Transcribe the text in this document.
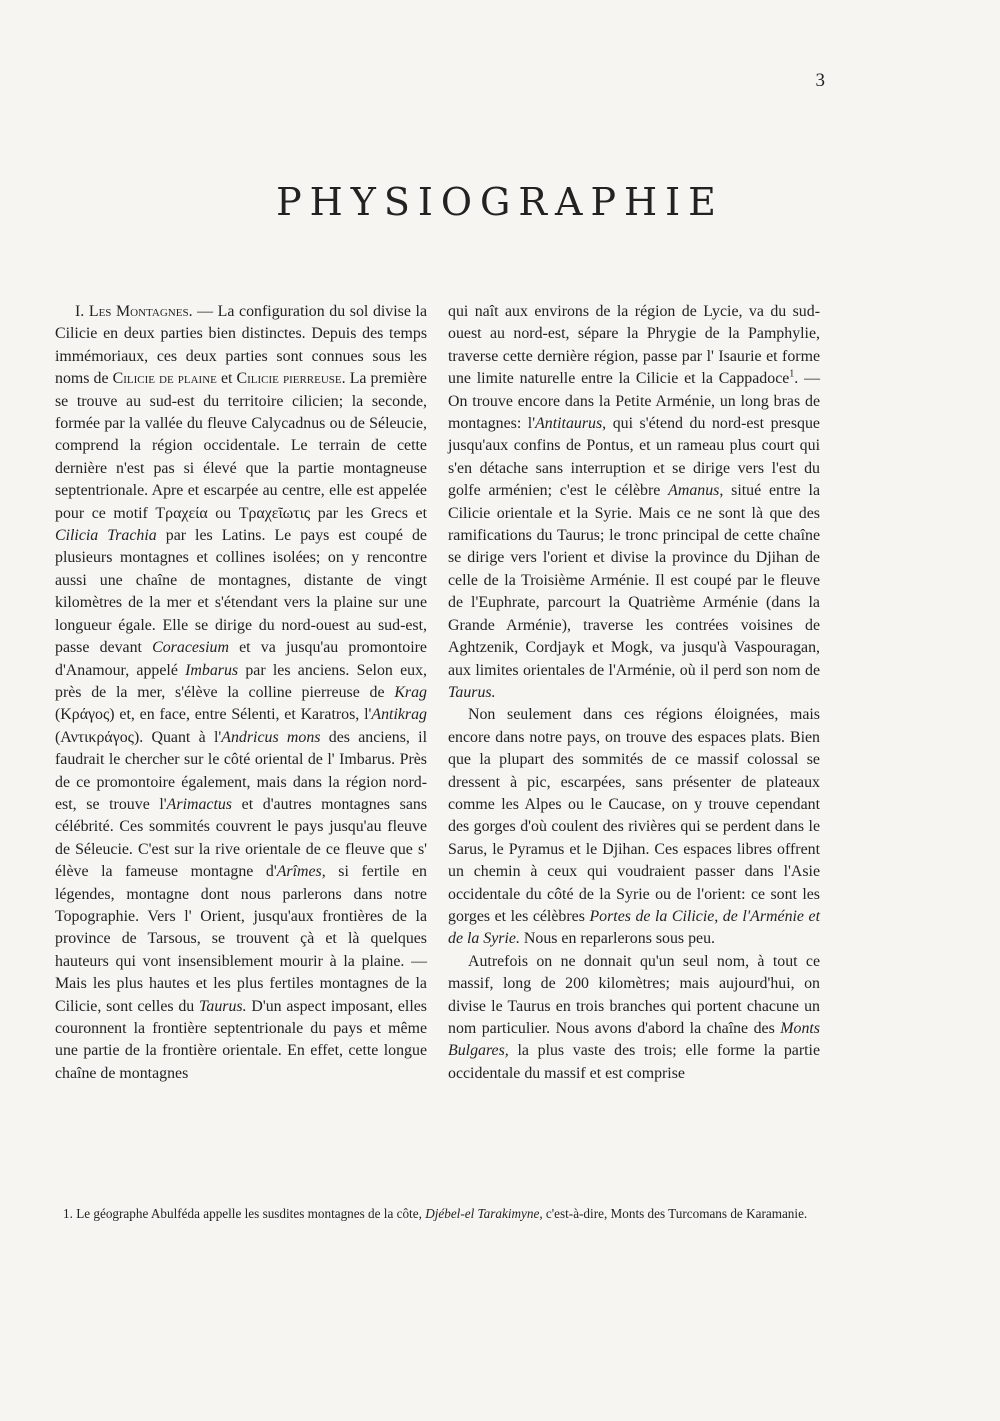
3
PHYSIOGRAPHIE

I. Les Montagnes. — La configuration du sol divise la Cilicie en deux parties bien distinctes. Depuis des temps immémoriaux, ces deux parties sont connues sous les noms de Cilicie de plaine et Cilicie pierreuse. La première se trouve au sud-est du territoire cilicien; la seconde, formée par la vallée du fleuve Calycadnus ou de Séleucie, comprend la région occidentale. Le terrain de cette dernière n'est pas si élevé que la partie montagneuse septentrionale. Apre et escarpée au centre, elle est appelée pour ce motif Τραχεία ou Τραχεῖωτις par les Grecs et Cilicia Trachia par les Latins. Le pays est coupé de plusieurs montagnes et collines isolées; on y rencontre aussi une chaîne de montagnes, distante de vingt kilomètres de la mer et s'étendant vers la plaine sur une longueur égale. Elle se dirige du nord-ouest au sud-est, passe devant Coracesium et va jusqu'au promontoire d'Anamour, appelé Imbarus par les anciens. Selon eux, près de la mer, s'élève la colline pierreuse de Krag (Κράγος) et, en face, entre Sélenti, et Karatros, l'Antikrag (Αντικράγος). Quant à l'Andricus mons des anciens, il faudrait le chercher sur le côté oriental de l' Imbarus. Près de ce promontoire également, mais dans la région nord-est, se trouve l'Arimactus et d'autres montagnes sans célébrité. Ces sommités couvrent le pays jusqu'au fleuve de Séleucie. C'est sur la rive orientale de ce fleuve que s' élève la fameuse montagne d'Arîmes, si fertile en légendes, montagne dont nous parlerons dans notre Topographie. Vers l' Orient, jusqu'aux frontières de la province de Tarsous, se trouvent çà et là quelques hauteurs qui vont insensiblement mourir à la plaine. — Mais les plus hautes et les plus fertiles montagnes de la Cilicie, sont celles du Taurus. D'un aspect imposant, elles couronnent la frontière septentrionale du pays et même une partie de la frontière orientale. En effet, cette longue chaîne de montagnes

qui naît aux environs de la région de Lycie, va du sud-ouest au nord-est, sépare la Phrygie de la Pamphylie, traverse cette dernière région, passe par l' Isaurie et forme une limite naturelle entre la Cilicie et la Cappadoce$^1$. — On trouve encore dans la Petite Arménie, un long bras de montagnes: l'Antitaurus, qui s'étend du nord-est presque jusqu'aux confins de Pontus, et un rameau plus court qui s'en détache sans interruption et se dirige vers l'est du golfe arménien; c'est le célèbre Amanus, situé entre la Cilicie orientale et la Syrie. Mais ce ne sont là que des ramifications du Taurus; le tronc principal de cette chaîne se dirige vers l'orient et divise la province du Djihan de celle de la Troisième Arménie. Il est coupé par le fleuve de l'Euphrate, parcourt la Quatrième Arménie (dans la Grande Arménie), traverse les contrées voisines de Aghtzenik, Cordjayk et Mogk, va jusqu'à Vaspouragan, aux limites orientales de l'Arménie, où il perd son nom de Taurus.

Non seulement dans ces régions éloignées, mais encore dans notre pays, on trouve des espaces plats. Bien que la plupart des sommités de ce massif colossal se dressent à pic, escarpées, sans présenter de plateaux comme les Alpes ou le Caucase, on y trouve cependant des gorges d'où coulent des rivières qui se perdent dans le Sarus, le Pyramus et le Djihan. Ces espaces libres offrent un chemin à ceux qui voudraient passer dans l'Asie occidentale du côté de la Syrie ou de l'orient: ce sont les gorges et les célèbres Portes de la Cilicie, de l'Arménie et de la Syrie. Nous en reparlerons sous peu.

Autrefois on ne donnait qu'un seul nom, à tout ce massif, long de 200 kilomètres; mais aujourd'hui, on divise le Taurus en trois branches qui portent chacune un nom particulier. Nous avons d'abord la chaîne des Monts Bulgares, la plus vaste des trois; elle forme la partie occidentale du massif et est comprise

1. Le géographe Abulféda appelle les susdites montagnes de la côte, Djébel-el Tarakimyne, c'est-à-dire, Monts des Turcomans de Karamanie.
